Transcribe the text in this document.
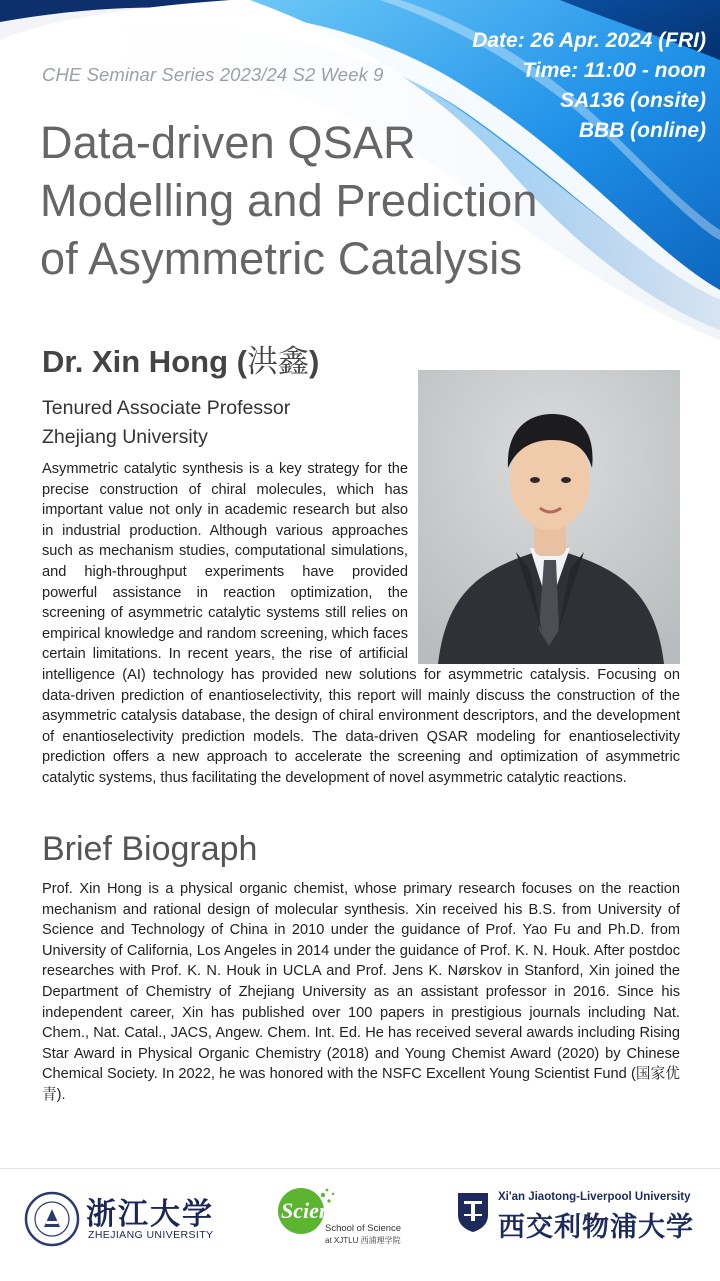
CHE Seminar Series 2023/24 S2 Week 9
Date: 26 Apr. 2024 (FRI)
Time: 11:00 - noon
SA136 (onsite)
BBB (online)
Data-driven QSAR
Modelling and Prediction
of Asymmetric Catalysis
Dr. Xin Hong (洪鑫)
Tenured Associate Professor
Zhejiang University
Asymmetric catalytic synthesis is a key strategy for the precise construction of chiral molecules, which has important value not only in academic research but also in industrial production. Although various approaches such as mechanism studies, computational simulations, and high-throughput experiments have provided powerful assistance in reaction optimization, the screening of asymmetric catalytic systems still relies on empirical knowledge and random screening, which faces certain limitations. In recent years, the rise of artificial intelligence (AI) technology has provided new solutions for asymmetric catalysis. Focusing on data-driven prediction of enantioselectivity, this report will mainly discuss the construction of the asymmetric catalysis database, the design of chiral environment descriptors, and the development of enantioselectivity prediction models. The data-driven QSAR modeling for enantioselectivity prediction offers a new approach to accelerate the screening and optimization of asymmetric catalytic systems, thus facilitating the development of novel asymmetric catalytic reactions.
Brief Biograph
Prof. Xin Hong is a physical organic chemist, whose primary research focuses on the reaction mechanism and rational design of molecular synthesis. Xin received his B.S. from University of Science and Technology of China in 2010 under the guidance of Prof. Yao Fu and Ph.D. from University of California, Los Angeles in 2014 under the guidance of Prof. K. N. Houk. After postdoc researches with Prof. K. N. Houk in UCLA and Prof. Jens K. Nørskov in Stanford, Xin joined the Department of Chemistry of Zhejiang University as an assistant professor in 2016. Since his independent career, Xin has published over 100 papers in prestigious journals including Nat. Chem., Nat. Catal., JACS, Angew. Chem. Int. Ed. He has received several awards including Rising Star Award in Physical Organic Chemistry (2018) and Young Chemist Award (2020) by Chinese Chemical Society. In 2022, he was honored with the NSFC Excellent Young Scientist Fund (国家优青).
浙江大学
ZHEJIANG UNIVERSITY
Science
School of Science
at XJTLU 西浦理学院
Xi'an Jiaotong-Liverpool University
西交利物浦大学
